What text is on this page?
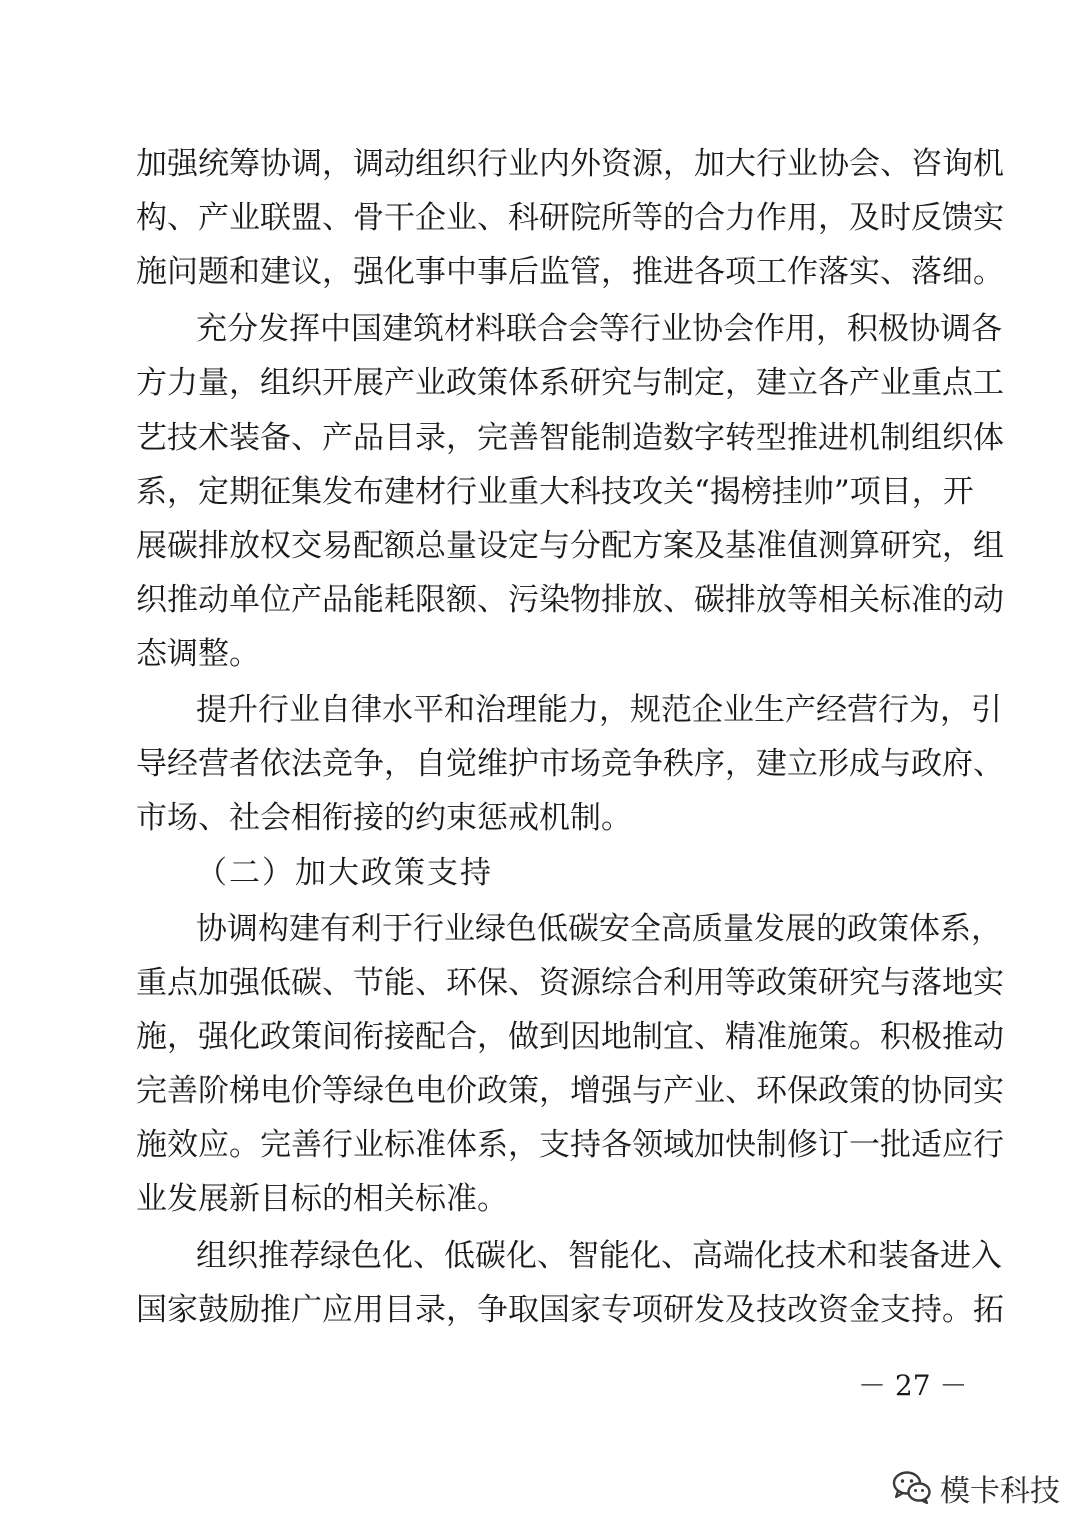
加强统筹协调，调动组织行业内外资源，加大行业协会、咨询机
构、产业联盟、骨干企业、科研院所等的合力作用，及时反馈实
施问题和建议，强化事中事后监管，推进各项工作落实、落细。
充分发挥中国建筑材料联合会等行业协会作用，积极协调各
方力量，组织开展产业政策体系研究与制定，建立各产业重点工
艺技术装备、产品目录，完善智能制造数字转型推进机制组织体
系，定期征集发布建材行业重大科技攻关“揭榜挂帅”项目，开
展碳排放权交易配额总量设定与分配方案及基准值测算研究，组
织推动单位产品能耗限额、污染物排放、碳排放等相关标准的动
态调整。
提升行业自律水平和治理能力，规范企业生产经营行为，引
导经营者依法竞争，自觉维护市场竞争秩序，建立形成与政府、
市场、社会相衔接的约束惩戒机制。
（二）加大政策支持
协调构建有利于行业绿色低碳安全高质量发展的政策体系，
重点加强低碳、节能、环保、资源综合利用等政策研究与落地实
施，强化政策间衔接配合，做到因地制宜、精准施策。积极推动
完善阶梯电价等绿色电价政策，增强与产业、环保政策的协同实
施效应。完善行业标准体系，支持各领域加快制修订一批适应行
业发展新目标的相关标准。
组织推荐绿色化、低碳化、智能化、高端化技术和装备进入
国家鼓励推广应用目录，争取国家专项研发及技改资金支持。拓
－ 27 －
模卡科技
